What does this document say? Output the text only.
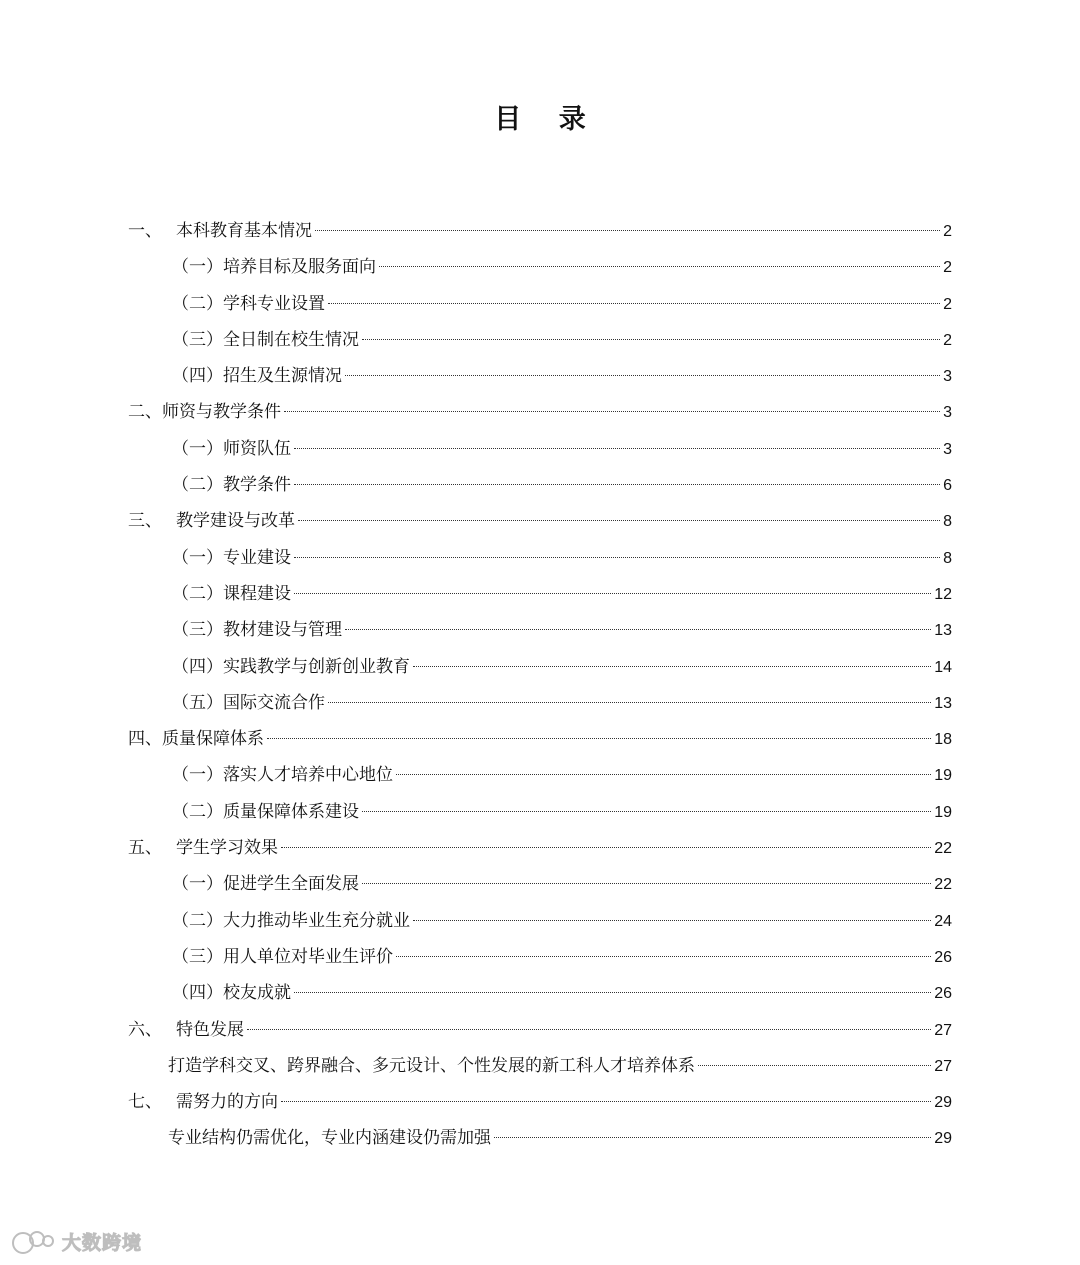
目 录
一、 本科教育基本情况	2
（一） 培养目标及服务面向	2
（二） 学科专业设置	2
（三） 全日制在校生情况	2
（四） 招生及生源情况	3
二、 师资与教学条件	3
（一） 师资队伍	3
（二） 教学条件	6
三、 教学建设与改革	8
（一） 专业建设	8
（二） 课程建设	12
（三） 教材建设与管理	13
（四） 实践教学与创新创业教育	14
（五） 国际交流合作	13
四、 质量保障体系	18
（一） 落实人才培养中心地位	19
（二） 质量保障体系建设	19
五、 学生学习效果	22
（一） 促进学生全面发展	22
（二） 大力推动毕业生充分就业	24
（三） 用人单位对毕业生评价	26
（四） 校友成就	26
六、 特色发展	27
打造学科交叉、跨界融合、多元设计、个性发展的新工科人才培养体系	27
七、 需努力的方向	29
专业结构仍需优化，专业内涵建设仍需加强	29
大数跨境
